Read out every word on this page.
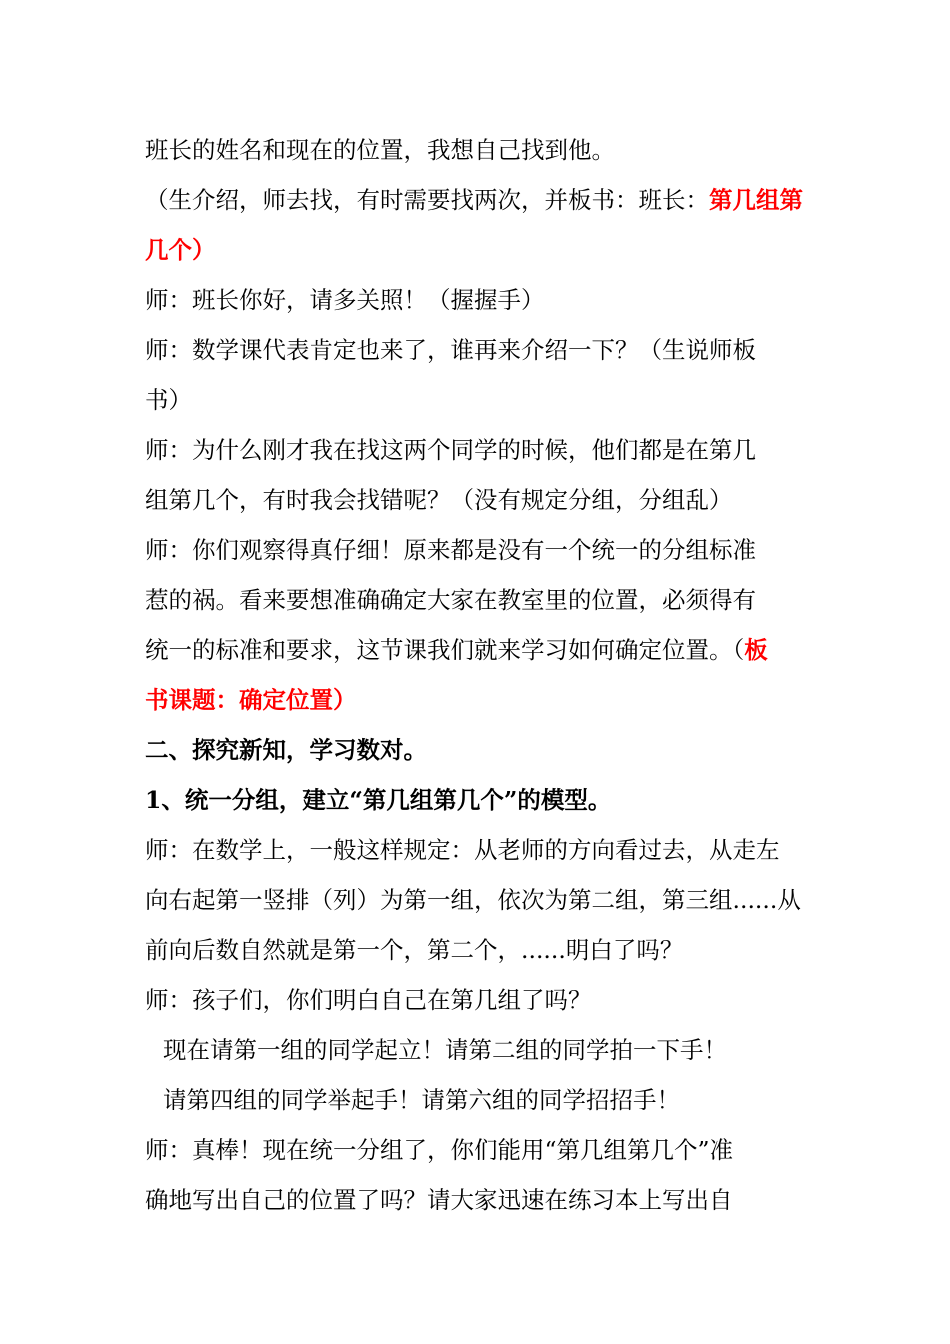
班长的姓名和现在的位置，我想自己找到他。
（生介绍，师去找，有时需要找两次，并板书：班长：第几组第
几个）
师：班长你好，请多关照！（握握手）
师：数学课代表肯定也来了，谁再来介绍一下？（生说师板
书）
师：为什么刚才我在找这两个同学的时候，他们都是在第几
组第几个，有时我会找错呢？（没有规定分组，分组乱）
师：你们观察得真仔细！原来都是没有一个统一的分组标准
惹的祸。看来要想准确确定大家在教室里的位置，必须得有
统一的标准和要求，这节课我们就来学习如何确定位置。（板
书课题：确定位置）
二、探究新知，学习数对。
1、统一分组，建立“第几组第几个”的模型。
师：在数学上，一般这样规定：从老师的方向看过去，从走左
向右起第一竖排（列）为第一组，依次为第二组，第三组......从
前向后数自然就是第一个，第二个，......明白了吗？
师：孩子们，你们明白自己在第几组了吗？
现在请第一组的同学起立！请第二组的同学拍一下手！
请第四组的同学举起手！请第六组的同学招招手！
师：真棒！现在统一分组了，你们能用“第几组第几个”准
确地写出自己的位置了吗？请大家迅速在练习本上写出自
